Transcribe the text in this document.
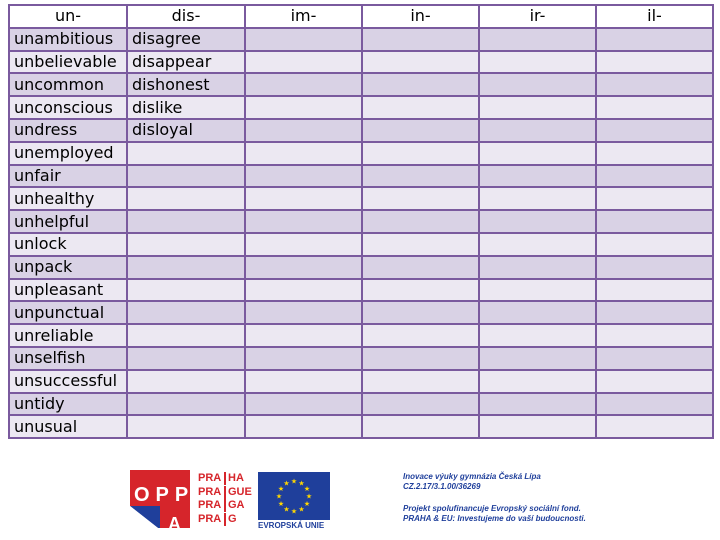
un-	dis-	im-	in-	ir-	il-
unambitious	disagree				
unbelievable	disappear				
uncommon	dishonest				
unconscious	dislike				
undress	disloyal				
unemployed					
unfair					
unhealthy					
unhelpful					
unlock					
unpack					
unpleasant					
unpunctual					
unreliable					
unselfish					
unsuccessful					
untidy					
unusual					
OPP
A
PRA HA
PRA GUE
PRA GA
PRA G
★ ★
★
★
★
★
★
★
★
★
★
★
EVROPSKÁ UNIE

Inovace výuky gymnázia Česká Lípa

CZ.2.17/3.1.00/36269

Projekt spolufinancuje Evropský sociální fond.

PRAHA & EU: Investujeme do vaší budoucnosti.
